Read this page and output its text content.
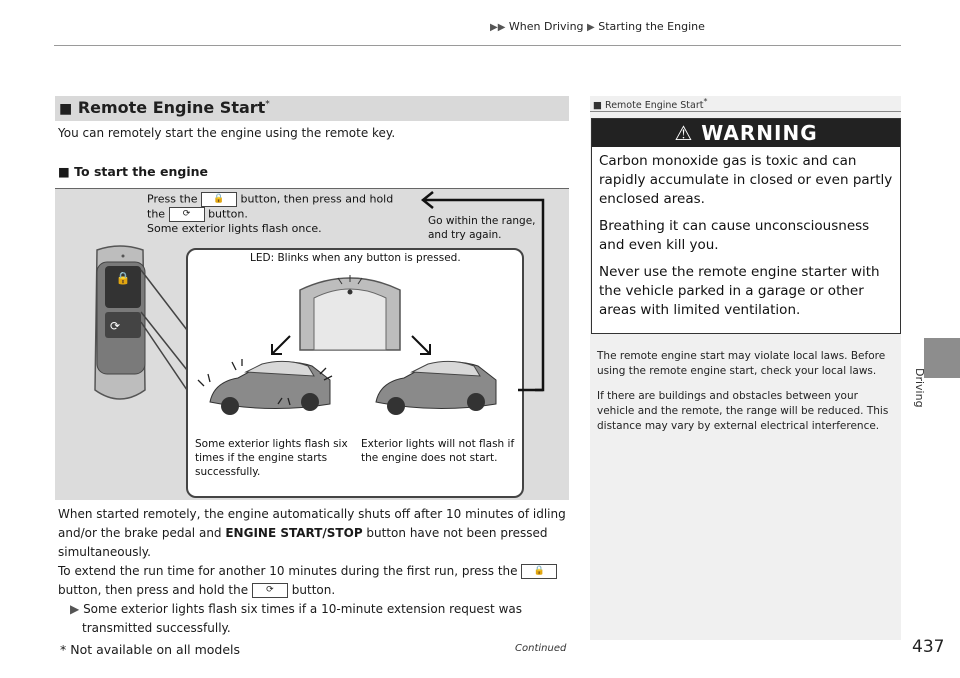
▶▶ When Driving ▶ Starting the Engine
Driving
■ Remote Engine Start*
You can remotely start the engine using the remote key.
■ To start the engine
Press the 🔒 button, then press and hold
the ⟳ button.
Some exterior lights flash once.
Go within the range,
and try again.
🔒
⟳
LED: Blinks when any button is pressed.
Some exterior lights flash six
times if the engine starts
successfully.
Exterior lights will not flash if
the engine does not start.
When started remotely, the engine automatically shuts off after 10 minutes of idling and/or the brake pedal and ENGINE START/STOP button have not been pressed simultaneously.
To extend the run time for another 10 minutes during the first run, press the 🔒 button, then press and hold the ⟳ button.
▶ Some exterior lights flash six times if a 10-minute extension request was transmitted successfully.
* Not available on all models	Continued	437
■ Remote Engine Start*
⚠ WARNING

Carbon monoxide gas is toxic and can rapidly accumulate in closed or even partly enclosed areas.

Breathing it can cause unconsciousness and even kill you.

Never use the remote engine starter with the vehicle parked in a garage or other areas with limited ventilation.

The remote engine start may violate local laws. Before using the remote engine start, check your local laws.

If there are buildings and obstacles between your vehicle and the remote, the range will be reduced. This distance may vary by external electrical interference.
